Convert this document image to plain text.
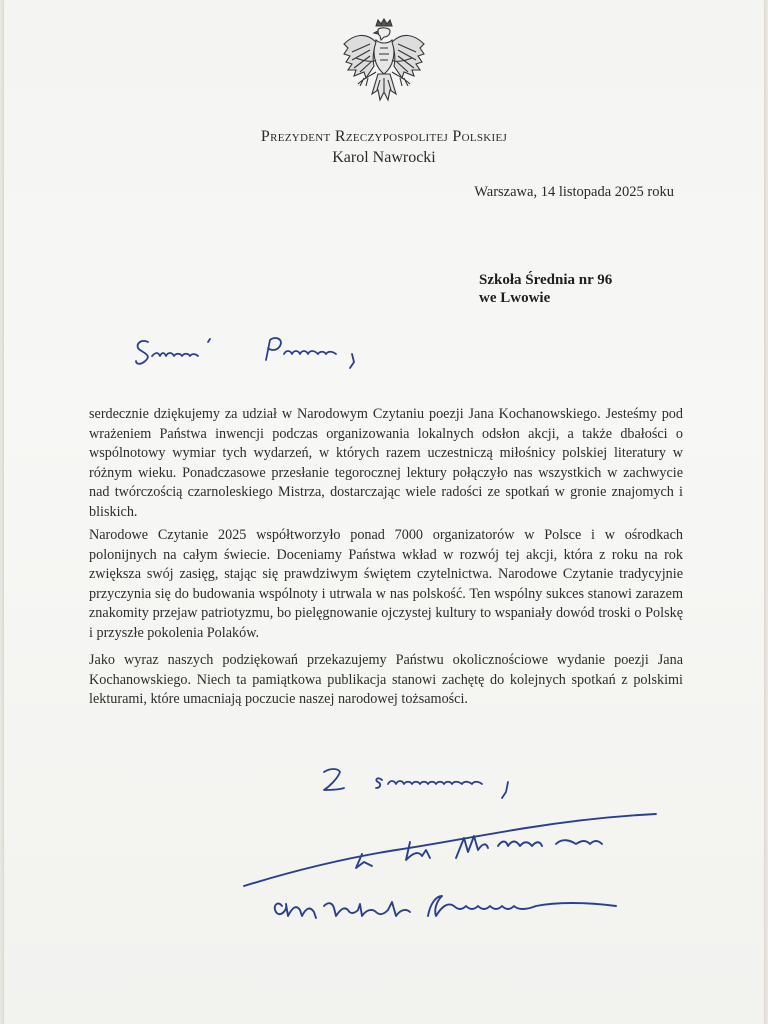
Prezydent Rzeczypospolitej Polskiej
Karol Nawrocki
Warszawa, 14 listopada 2025 roku
Szkoła Średnia nr 96
we Lwowie

serdecznie dziękujemy za udział w Narodowym Czytaniu poezji Jana Kochanowskiego. Jesteśmy pod wrażeniem Państwa inwencji podczas organizowania lokalnych odsłon akcji, a także dbałości o wspólnotowy wymiar tych wydarzeń, w których razem uczestniczą miłośnicy polskiej literatury w różnym wieku. Ponadczasowe przesłanie tegorocznej lektury połączyło nas wszystkich w zachwycie nad twórczością czarnoleskiego Mistrza, dostarczając wiele radości ze spotkań w gronie znajomych i bliskich.

Narodowe Czytanie 2025 współtworzyło ponad 7000 organizatorów w Polsce i w ośrodkach polonijnych na całym świecie. Doceniamy Państwa wkład w rozwój tej akcji, która z roku na rok zwiększa swój zasięg, stając się prawdziwym świętem czytelnictwa. Narodowe Czytanie tradycyjnie przyczynia się do budowania wspólnoty i utrwala w nas polskość. Ten wspólny sukces stanowi zarazem znakomity przejaw patriotyzmu, bo pielęgnowanie ojczystej kultury to wspaniały dowód troski o Polskę i przyszłe pokolenia Polaków.

Jako wyraz naszych podziękowań przekazujemy Państwu okolicznościowe wydanie poezji Jana Kochanowskiego. Niech ta pamiątkowa publikacja stanowi zachętę do kolejnych spotkań z polskimi lekturami, które umacniają poczucie naszej narodowej tożsamości.
